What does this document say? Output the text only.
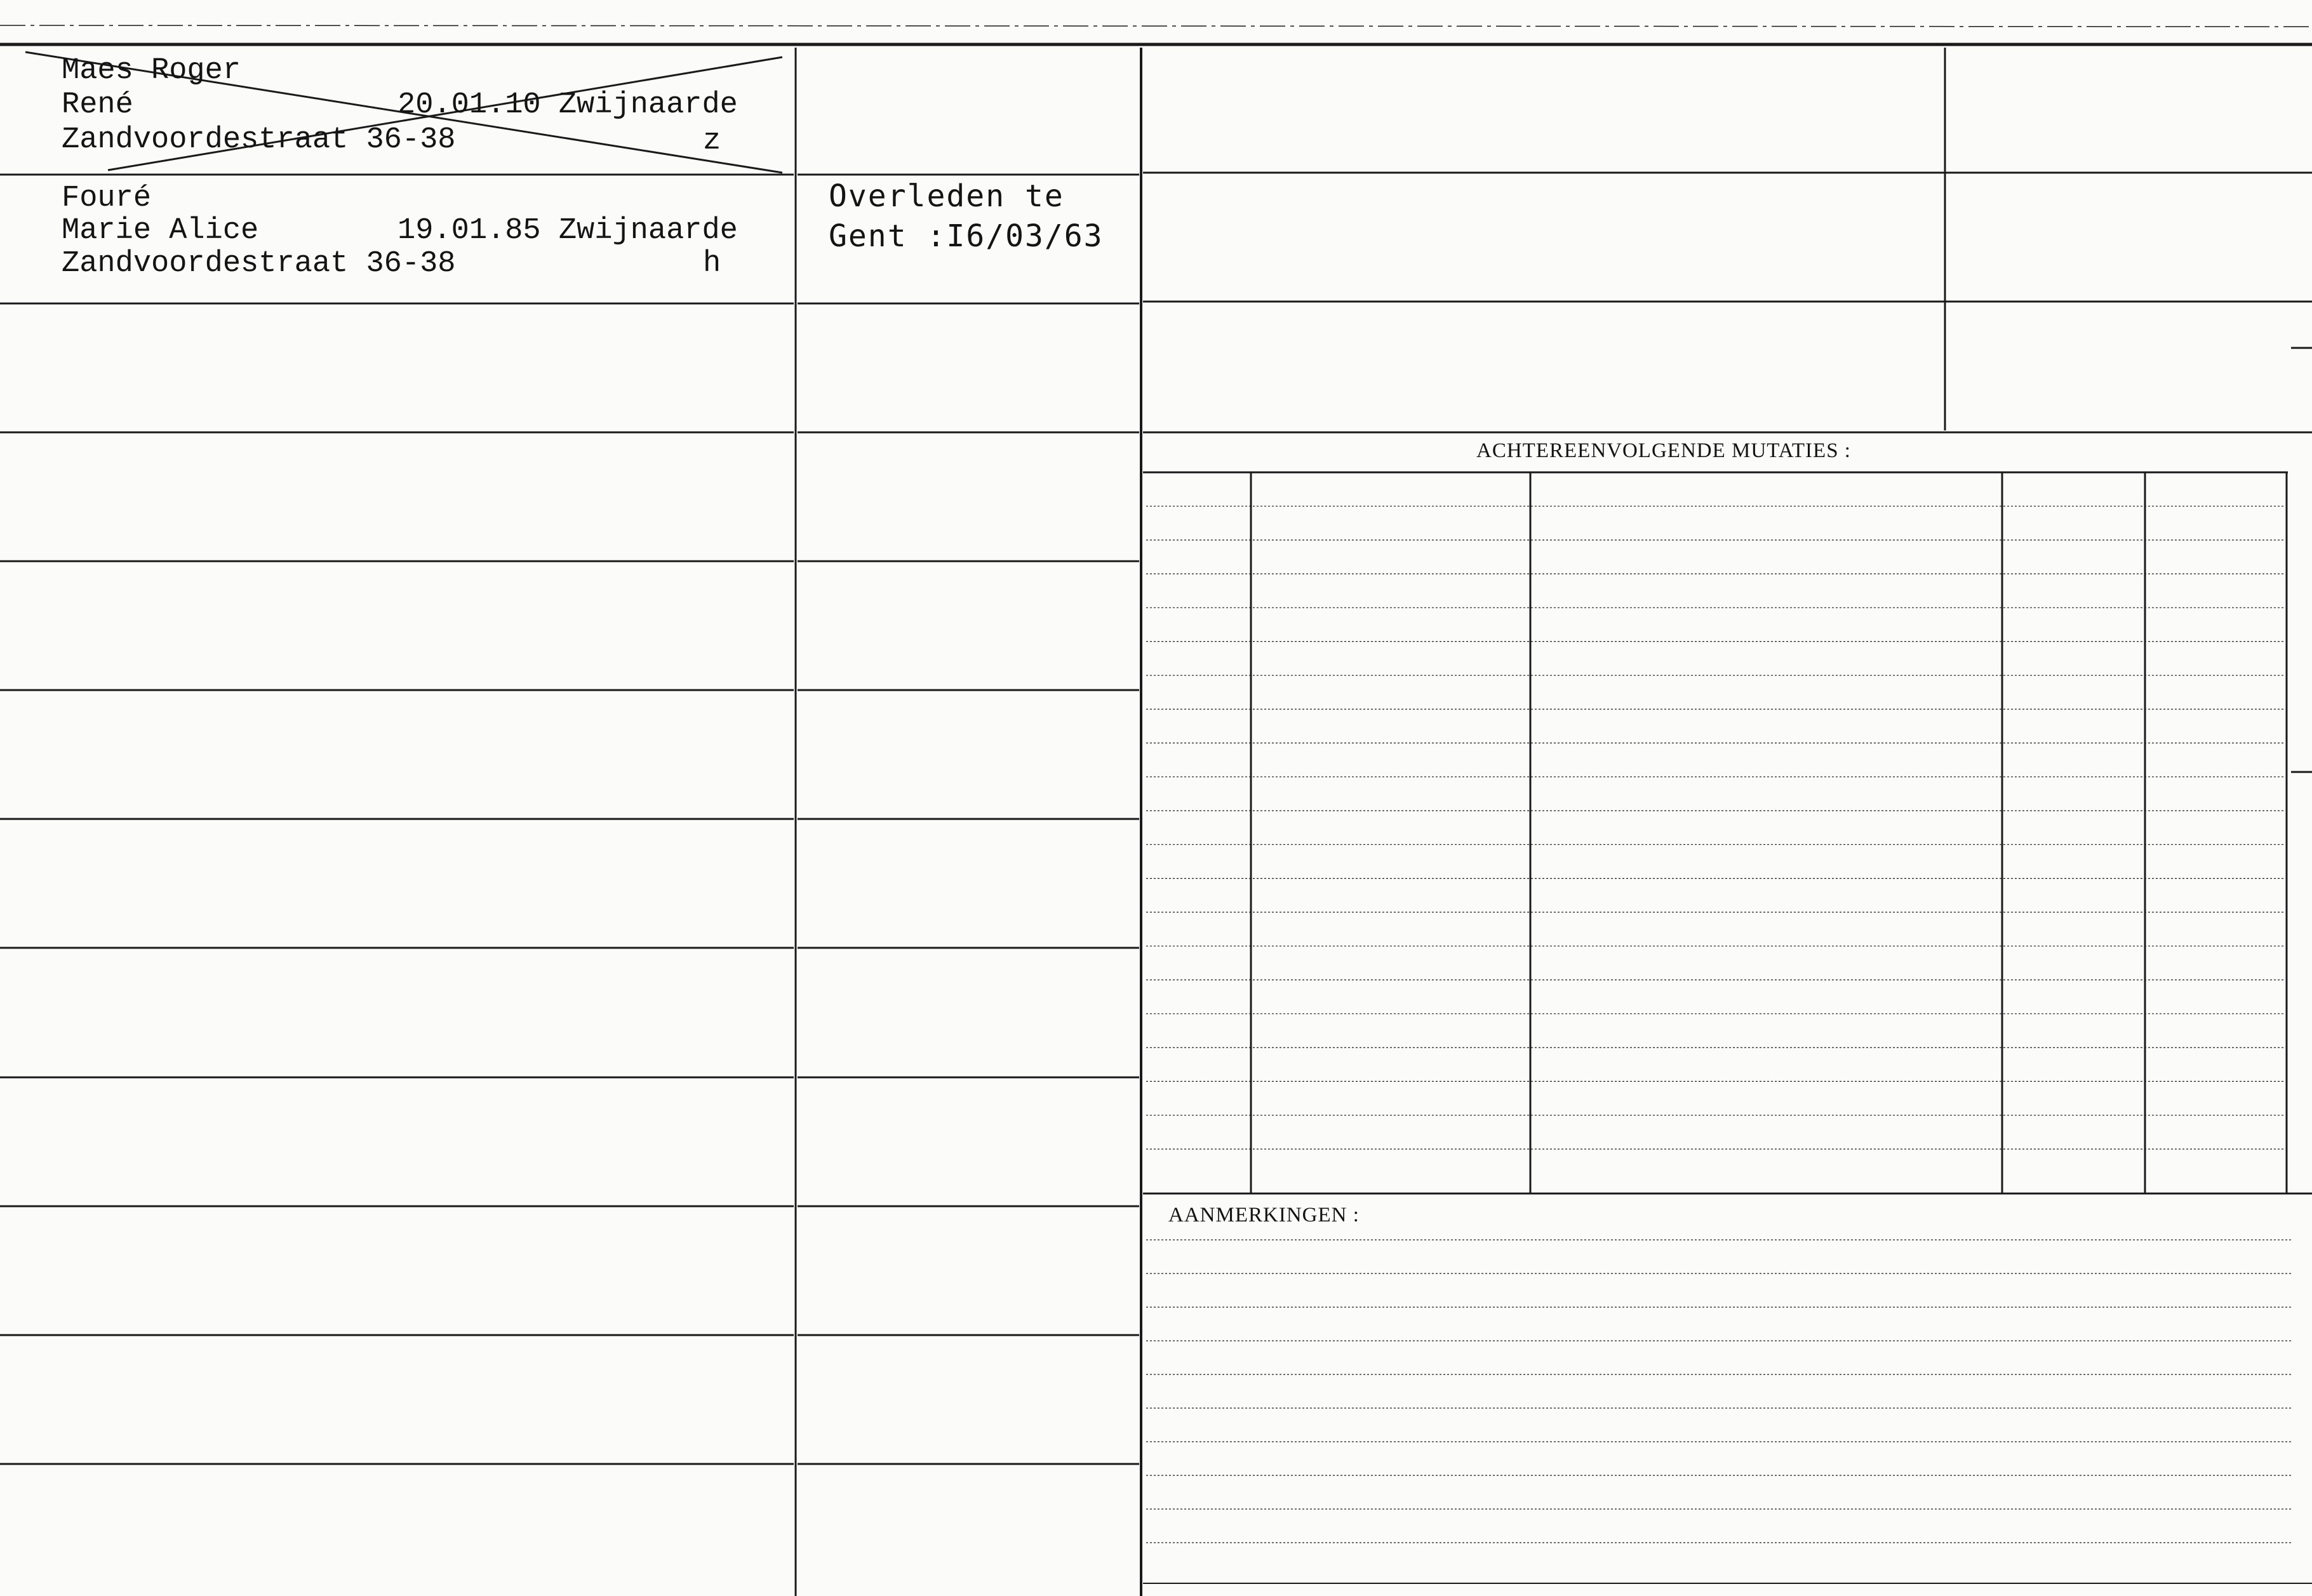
Maes Roger
René	20.01.10 Zwijnaarde
Zandvoordestraat 36-38	z
Fouré
Marie Alice	19.01.85 Zwijnaarde
Zandvoordestraat 36-38	h
Overleden te
Gent :I6/03/63
ACHTEREENVOLGENDE MUTATIES :
AANMERKINGEN :
